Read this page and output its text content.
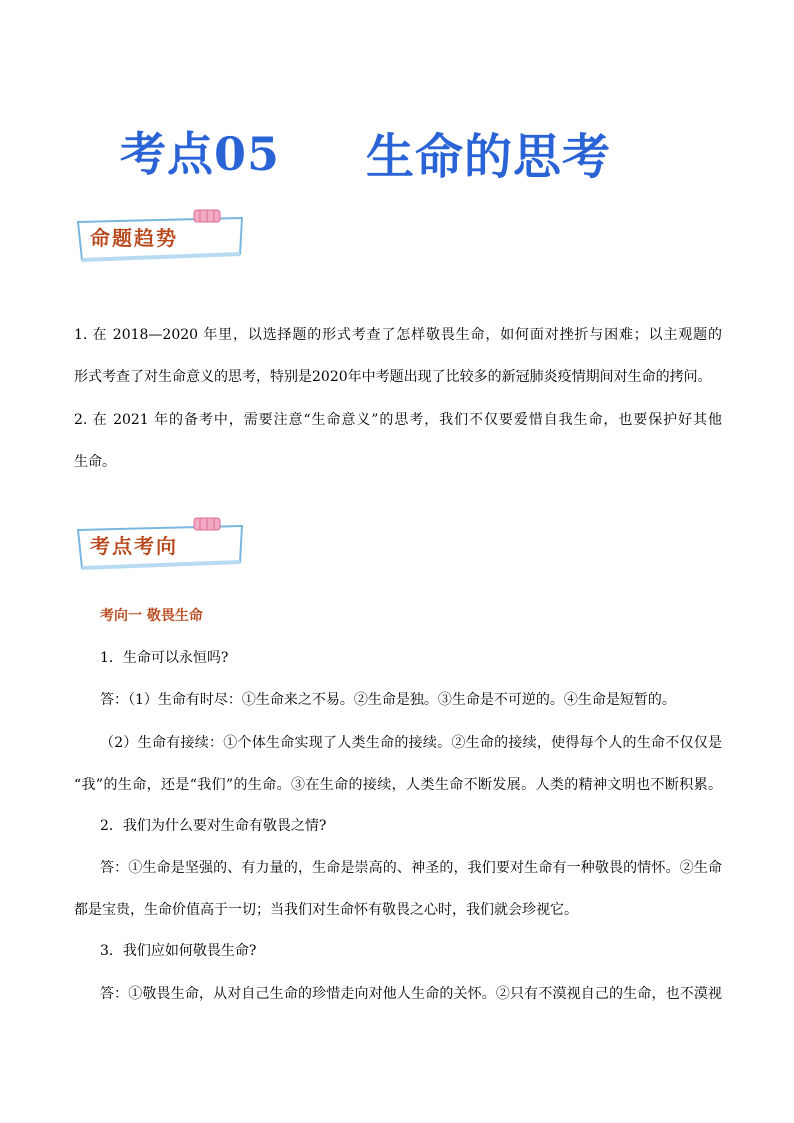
考点05 生命的思考
命题趋势
1. 在 2018—2020 年里，以选择题的形式考查了怎样敬畏生命，如何面对挫折与困难；以主观题的
形式考查了对生命意义的思考，特别是2020年中考题出现了比较多的新冠肺炎疫情期间对生命的拷问。
2. 在 2021 年的备考中，需要注意“生命意义”的思考，我们不仅要爱惜自我生命，也要保护好其他
生命。
考点考向
考向一 敬畏生命
1．生命可以永恒吗?
答：（1）生命有时尽：①生命来之不易。②生命是独。③生命是不可逆的。④生命是短暂的。
（2）生命有接续：①个体生命实现了人类生命的接续。②生命的接续，使得每个人的生命不仅仅是
“我”的生命，还是“我们”的生命。③在生命的接续，人类生命不断发展。人类的精神文明也不断积累。
2．我们为什么要对生命有敬畏之情?
答：①生命是坚强的、有力量的，生命是崇高的、神圣的，我们要对生命有一种敬畏的情怀。②生命
都是宝贵，生命价值高于一切；当我们对生命怀有敬畏之心时，我们就会珍视它。
3．我们应如何敬畏生命?
答：①敬畏生命，从对自己生命的珍惜走向对他人生命的关怀。②只有不漠视自己的生命，也不漠视
